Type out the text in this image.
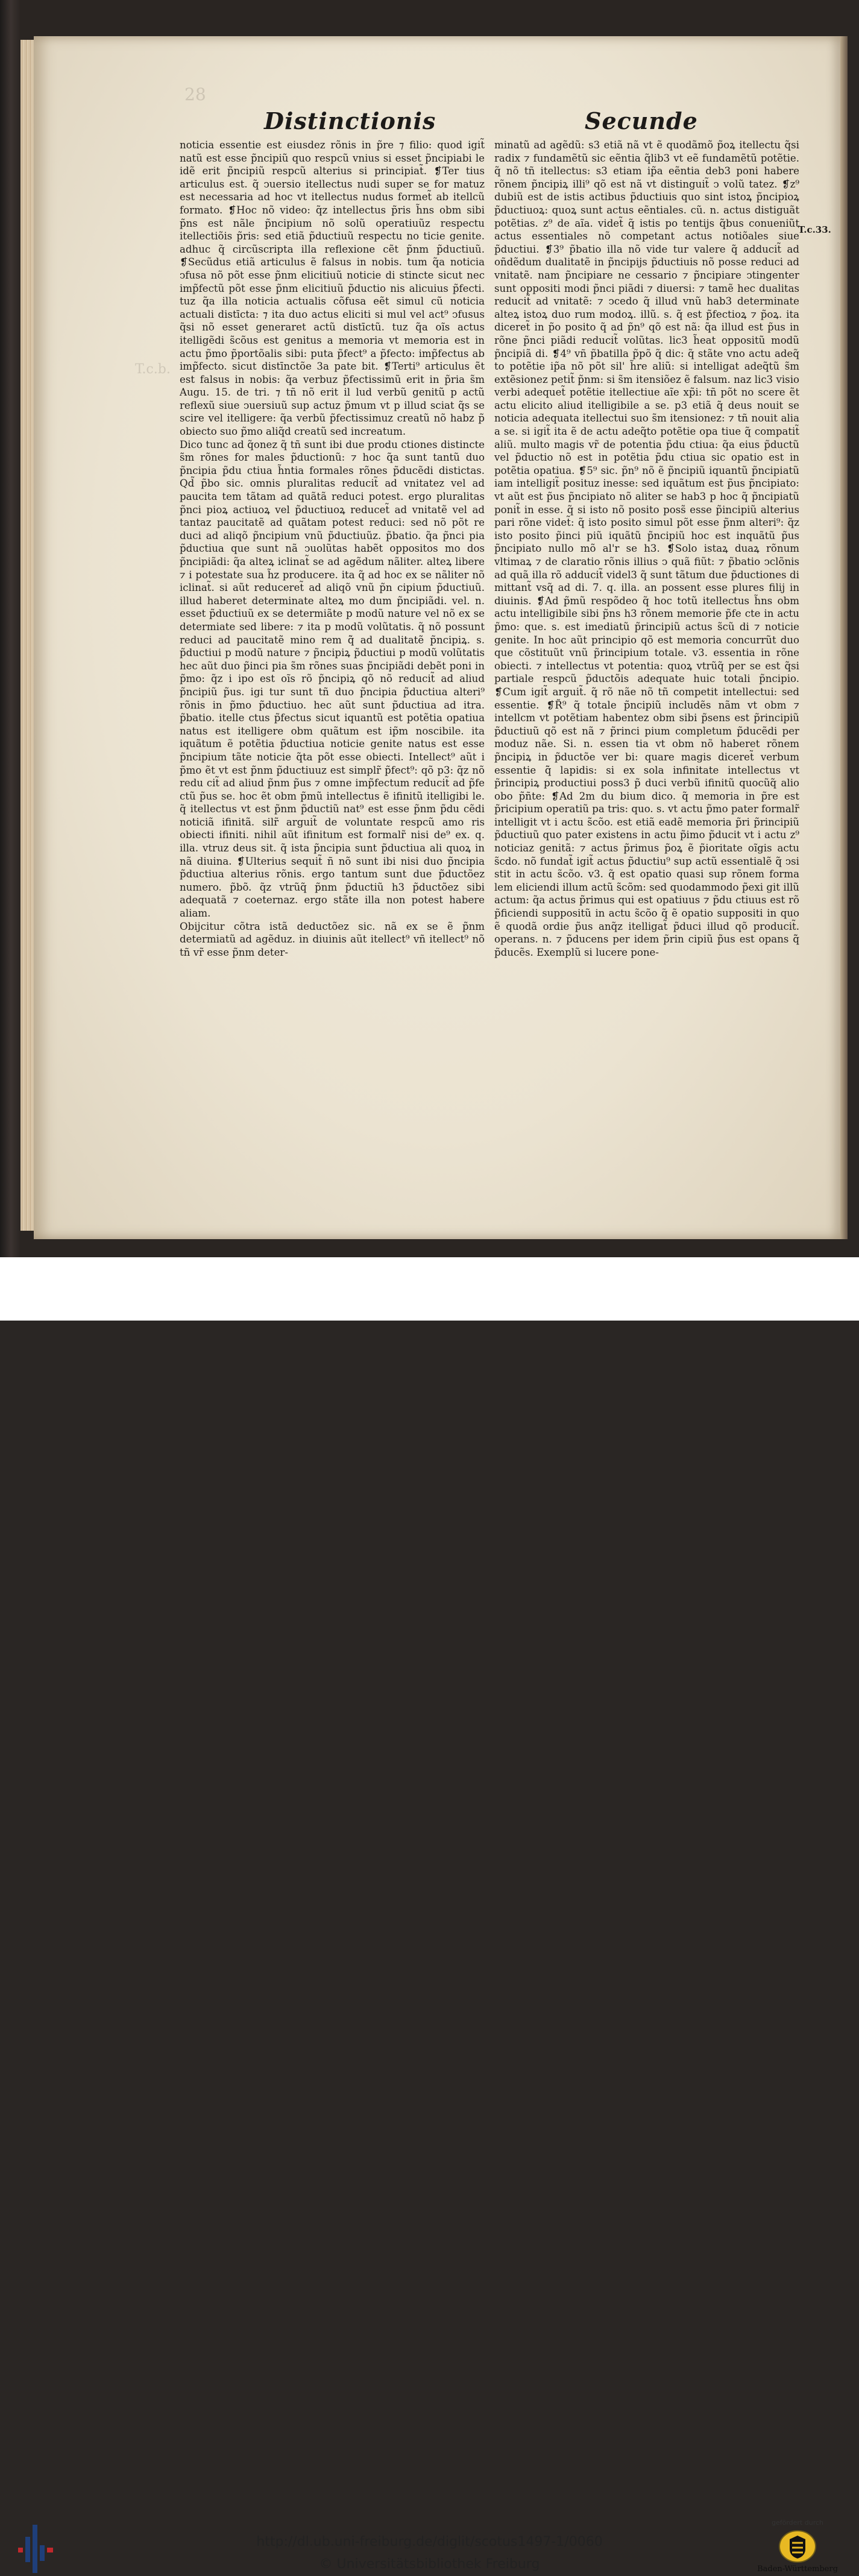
28
T.c.b.
Distinctionis	Secunde

noticia essentie est eiusdez rõnis in p̃re ⁊ filio: quod igit̃ natũ est esse p̃ncipiũ quo respcũ vnius si esset p̃ncipiabi le idẽ erit p̃ncipiũ respcũ alterius si principiat̃. ❡Ter tius articulus est. q̃ ↄuersio itellectus nudi super se for matuz est necessaria ad hoc vt itellectus nudus formet̃ ab itellcũ formato. ❡Hoc nõ video: q̃z intellectus p̃ris h̃ns obm sibi p̃ns est nãle p̃ncipium nõ solũ operatiuũz respectu itellectiõis p̃ris: sed etiã p̃ductiuũ respectu no ticie genite. adhuc q̃ circũscripta illa reflexione cẽt p̃nm p̃ductiuũ. ❡Secũdus etiã articulus ẽ falsus in nobis. tum q̃a noticia ↄfusa nõ põt esse p̃nm elicitiuũ noticie di stincte sicut nec imp̃fectũ põt esse p̃nm elicitiuũ p̃ductio nis alicuius p̃fecti. tuz q̃a illa noticia actualis cõfusa eẽt simul cũ noticia actuali distīcta: ⁊ ita duo actus eliciti si mul vel act⁹ ↄfusus q̃si nõ esset generaret actũ distīctũ. tuz q̃a oĩs actus itelligẽdi s̃cõus est genitus a memoria vt memoria est in actu p̃mo p̃portõalis sibi: puta p̃fect⁹ a p̃fecto: imp̃fectus ab imp̃fecto. sicut distīnctõe 3a pate bit. ❡Terti⁹ articulus ẽt est falsus in nobis: q̃a verbuz p̃fectissimũ erit in p̃ria s̃m Augu. 15. de tri. ⁊ tñ nõ erit il lud verbũ genitũ p actũ reflexũ siue ↄuersiuũ sup actuz p̃mum vt p illud sciat q̃s se scire vel itelligere: q̃a verbũ p̃fectissimuz creatũ nõ habz p̃ obiecto suo p̃mo aliq̃d creatũ sed increatum.

Dico tunc ad q̃onez q̃ tñ sunt ibi due produ ctiones distincte s̃m rõnes for males p̃ductionũ: ⁊ hoc q̃a sunt tantũ duo p̃ncipia p̃du ctiua h̃ntia formales rõnes p̃ducẽdi distictas. Qd̃ p̃bo sic. omnis pluralitas reducit̃ ad vnitatez vel ad paucita tem tãtam ad quãtã reduci potest. ergo pluralitas p̃nci pioꝝ actiuoꝝ vel p̃ductiuoꝝ reducet̃ ad vnitatẽ vel ad tantaz paucitatẽ ad quãtam potest reduci: sed nõ põt re duci ad aliqõ p̃ncipium vnũ p̃ductiuũz. p̃batio. q̃a p̃nci pia p̃ductiua que sunt nã ↄuolũtas habẽt oppositos mo dos p̃ncipiãdi: q̃a alteꝝ iclinat̃ se ad agẽdum nãliter. alteꝝ libere ⁊ i potestate sua h̃z producere. ita q̃ ad hoc ex se nãliter nõ iclinat̃. si aũt reduceret̃ ad aliqõ vnũ p̃n cipium p̃ductiuũ. illud haberet determinate alteꝝ mo dum p̃ncipiãdi. vel. n. esset p̃ductiuũ ex se determiãte p modũ nature vel nõ ex se determiate sed libere: ⁊ ita p modũ volũtatis. q̃ nõ possunt reduci ad paucitatẽ mino rem q̃̃ ad dualitatẽ p̃ncipiꝝ. s. p̃ductiui p modũ nature ⁊ p̃ncipiꝝ p̃ductiui p modũ volũtatis hec aũt duo p̃inci pia s̃m rõnes suas p̃ncipiãdi debẽt poni in p̃mo: q̃z i ipo est oĩs rõ p̃ncipiꝝ qõ nõ reducit̃ ad aliud p̃ncipiũ p̃us. igi tur sunt tñ duo p̃ncipia p̃ductiua alteri⁹ rõnis in p̃mo p̃ductiuo. hec aũt sunt p̃ductiua ad itra. p̃batio. itelle ctus p̃fectus sicut iquantũ est potẽtia opatiua natus est itelligere obm quãtum est ip̃m noscibile. ita iquãtum ẽ potẽtia p̃ductiua noticie genite natus est esse p̃ncipium tãte noticie q̃ta põt esse obiecti. Intellect⁹ aũt i p̃mo ẽt vt est p̃nm p̃ductiuuz est simplr̃ p̃fect⁹: qõ p3: q̃z nõ redu cit̃ ad aliud p̃nm p̃us ⁊ omne imp̃fectum reducit̃ ad p̃fe ctũ p̃us se. hoc ẽt obm p̃mũ intellectus ẽ ifinitũ itelligibi le. q̃ itellectus vt est p̃nm p̃ductiũ nat⁹ est esse p̃nm p̃du cẽdi noticiã ifinitã. silr̃ arguit̃ de voluntate respcũ amo ris obiecti ifiniti. nihil aũt ifinitum est formalr̃ nisi de⁹ ex. q. illa. vtruz deus sit. q̃ ista p̃ncipia sunt p̃ductiua ali quoꝝ in nã diuina. ❡Ulterius sequit̃ ñ nõ sunt ibi nisi duo p̃ncipia p̃ductiua alterius rõnis. ergo tantum sunt due p̃ductõez numero. p̃bõ. q̃z vtrũq̃ p̃nm p̃ductiũ h3 p̃ductõez sibi adequatã ⁊ coeternaz. ergo stãte illa non potest habere aliam.

Obijcitur cõtra istã deductõez sic. nã ex se ẽ p̃nm determiatũ ad agẽduz. in diuinis aũt itellect⁹ vñ itellect⁹ nõ tñ vr̃ esse p̃nm deter-

minatũ ad agẽdũ: s3 etiã nã vt ẽ quodãmõ p̃oꝝ itellectu q̃si radix ⁊ fundamẽtũ sic eẽntia q̃lib3 vt eẽ fundamẽtũ potẽtie. q̃ nõ tñ itellectus: s3 etiam ip̃a eẽntia deb3 poni habere rõnem p̃ncipiꝝ illi⁹ qõ est nã vt distinguit̃ ↄ volũ tatez. ❡z⁹ dubiũ est de istis actibus p̃ductiuis quo sint istoꝝ p̃ncipioꝝ p̃ductiuoꝝ: quoꝝ sunt actus eẽntiales. cũ. n. actus distiguãt potẽtias. z⁹ de aĩa. videt̃ q̃ istis po tentijs q̃bus conueniũt actus essentiales nõ competant actus notiõales siue p̃ductiui. ❡3⁹ p̃batio illa nõ vide tur valere q̃ adducit̃ ad oñdẽdum dualitatẽ in p̃ncipijs p̃ductiuis nõ posse reduci ad vnitatẽ. nam p̃ncipiare ne cessario ⁊ p̃ncipiare ↄtingenter sunt oppositi modi p̃nci piãdi ⁊ diuersi: ⁊ tamẽ hec dualitas reducit̃ ad vnitatẽ: ⁊ ↄcedo q̃ illud vnũ hab3 determinate alteꝝ istoꝝ duo rum modoꝝ. illũ. s. q̃ est p̃fectioꝝ ⁊ p̃oꝝ. ita diceret̃ in p̃o posito q̃ ad p̃n⁹ qõ est nã: q̃a illud est p̃us in rõne p̃nci piãdi reducit̃ volũtas. lic3 h̃eat oppositũ modũ p̃ncipiã di. ❡4⁹ vñ p̃batilla p̃põ q̃ dic: q̃ stãte vno actu adeq̃ to potẽtie ip̃a nõ põt sil' h̃re aliũ: si intelligat adeq̃tũ s̃m extẽsionez petit̃ p̃nm: si s̃m itensiõez ẽ falsum. naz lic3 visio verbi adequet̃ potẽtie itellectiue aĩe xp̃i: tñ põt no scere ẽt actu elicito aliud itelligibile a se. p3 etiã q̃ deus nouit se noticia adequata itellectui suo s̃m itensionez: ⁊ tñ nouit alia a se. si igit̃ ita ẽ de actu adeq̃to potẽtie opa tiue q̃ compatit̃ aliũ. multo magis vr̃ de potentia p̃du ctiua: q̃a eius p̃ductũ vel p̃ductio nõ est in potẽtia p̃du ctiua sic opatio est in potẽtia opatiua. ❡5⁹ sic. p̃n⁹ nõ ẽ p̃ncipiũ iquantũ p̃ncipiatũ iam intelligit̃ posituz inesse: sed iquãtum est p̃us p̃ncipiato: vt aũt est p̃us p̃ncipiato nõ aliter se hab3 p hoc q̃ p̃ncipiatũ ponit̃ in esse. q̃ si isto nõ posito poss̃ esse p̃incipiũ alterius pari rõne videt̃: q̃ isto posito simul põt esse p̃nm alteri⁹: q̃z isto posito p̃inci piũ iquãtũ p̃ncipiũ hoc est inquãtũ p̃us p̃ncipiato nullo mõ al'r se h3. ❡Solo istaꝝ duaꝝ rõnum vltimaꝝ ⁊ de claratio rõnis illius ↄ quã fiũt: ⁊ p̃batio ↄclõnis ad quã illa rõ adducit̃ videl3 q̃ sunt tãtum due p̃ductiones di mittant̃ vsq̃ ad di. 7. q. illa. an possent esse plures filij in diuinis. ❡Ad p̃mũ respõdeo q̃ hoc totũ itellectus h̃ns obm actu intelligibile sibi p̃ns h3 rõnem memorie p̃fe cte in actu p̃mo: que. s. est imediatũ p̃rincipiũ actus s̃cũ di ⁊ noticie genite. In hoc aũt principio qõ est memoria concurrũt duo que cõstituũt vnũ p̃rincipium totale. v3. essentia in rõne obiecti. ⁊ intellectus vt potentia: quoꝝ vtrũq̃ per se est q̃si partiale respcũ p̃ductõis adequate huic totali p̃ncipio. ❡Cum igit̃ arguit̃. q̃ rõ nãe nõ tñ competit intellectui: sed essentie. ❡R̃⁹ q̃ totale p̃ncipiũ includẽs nãm vt obm ⁊ intellcm vt potẽtiam habentez obm sibi p̃sens est p̃rincipiũ p̃ductiuũ qõ est nã ⁊ p̃rinci pium completum p̃ducẽdi per moduz nãe. Si. n. essen tia vt obm nõ haberet rõnem p̃ncipiꝝ in p̃ductõe ver bi: quare magis diceret̃ verbum essentie q̃̃ lapidis: si ex sola infinitate intellectus vt p̃rincipiꝝ productiui poss3 p̃ duci verbũ ifinitũ quocũq̃ alio obo p̃ñte: ❡Ad 2m du bium dico. q̃ memoria in p̃re est p̃ricipium operatiũ pa tris: quo. s. vt actu p̃mo pater formalr̃ intelligit vt i actu s̃cõo. est etiã eadẽ memoria p̃ri p̃rincipiũ p̃ductiuũ quo pater existens in actu p̃imo p̃ducit vt i actu z⁹ noticiaz genitã: ⁊ actus p̃rimus p̃oꝝ ẽ p̃ioritate oĩgis actu s̃cdo. nõ fundat̃ igit̃ actus p̃ductiu⁹ sup actũ essentialẽ q̃ ↄsi stit in actu s̃cõo. v3. q̃ est opatio quasi sup rõnem forma lem eliciendi illum actũ s̃cõm: sed quodammodo p̃exi git illũ actum: q̃a actus p̃rimus qui est opatiuus ⁊ p̃du ctiuus est rõ p̃ficiendi suppositũ in actu s̃cõo q̃ ẽ opatio suppositi in quo ẽ quodã ordie p̃us anq̃z itelligat̃ p̃duci illud qõ producit̃. operans. n. ⁊ p̃ducens per idem p̃rin cipiũ p̃us est opans q̃̃ p̃ducẽs. Exemplũ si lucere pone-

T.c.33.
http://dl.ub.uni-freiburg.de/diglit/scotus1497-1/0060
© Universitätsbibliothek Freiburg
gefördert durch
Baden-Württemberg
